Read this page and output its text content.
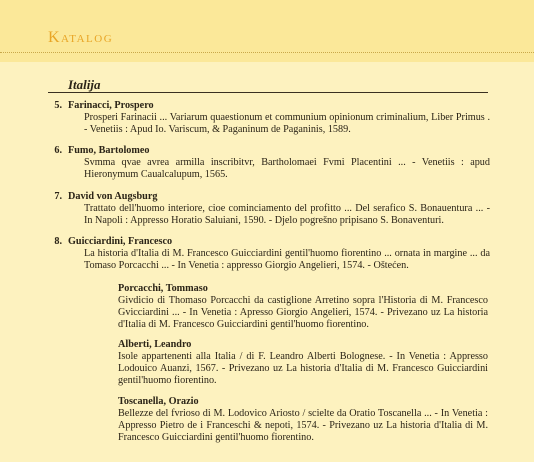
Katalog
Italija
5. Farinacci, Prospero
Prosperi Farinacii ... Variarum quaestionum et communium opinionum criminalium, Liber Primus . - Venetiis : Apud Io. Variscum, & Paganinum de Paganinis, 1589.
6. Fumo, Bartolomeo
Svmma qvae avrea armilla inscribitvr, Bartholomaei Fvmi Placentini ... - Venetiis : apud Hieronymum Caualcalupum, 1565.
7. David von Augsburg
Trattato dell'huomo interiore, cioe cominciamento del profitto ... Del serafico S. Bonauentura ... - In Napoli : Appresso Horatio Saluiani, 1590. - Djelo pogrešno pripisano S. Bonaventuri.
8. Guicciardini, Francesco
La historia d'Italia di M. Francesco Guicciardini gentil'huomo fiorentino ... ornata in margine ... da Tomaso Porcacchi ... - In Venetia : appresso Giorgio Angelieri, 1574. - Oštećen.
Porcacchi, Tommaso
Givdicio di Thomaso Porcacchi da castiglione Arretino sopra l'Historia di M. Francesco Gvicciardini ... - In Venetia : Apresso Giorgio Angelieri, 1574. - Privezano uz La historia d'Italia di M. Francesco Guicciardini gentil'huomo fiorentino.
Alberti, Leandro
Isole appartenenti alla Italia / di F. Leandro Alberti Bolognese. - In Venetia : Appresso Lodouico Auanzi, 1567. - Privezano uz La historia d'Italia di M. Francesco Guicciardini gentil'huomo fiorentino.
Toscanella, Orazio
Bellezze del fvrioso di M. Lodovico Ariosto / scielte da Oratio Toscanella ... - In Venetia : Appresso Pietro de i Franceschi & nepoti, 1574. - Privezano uz La historia d'Italia di M. Francesco Guicciardini gentil'huomo fiorentino.
